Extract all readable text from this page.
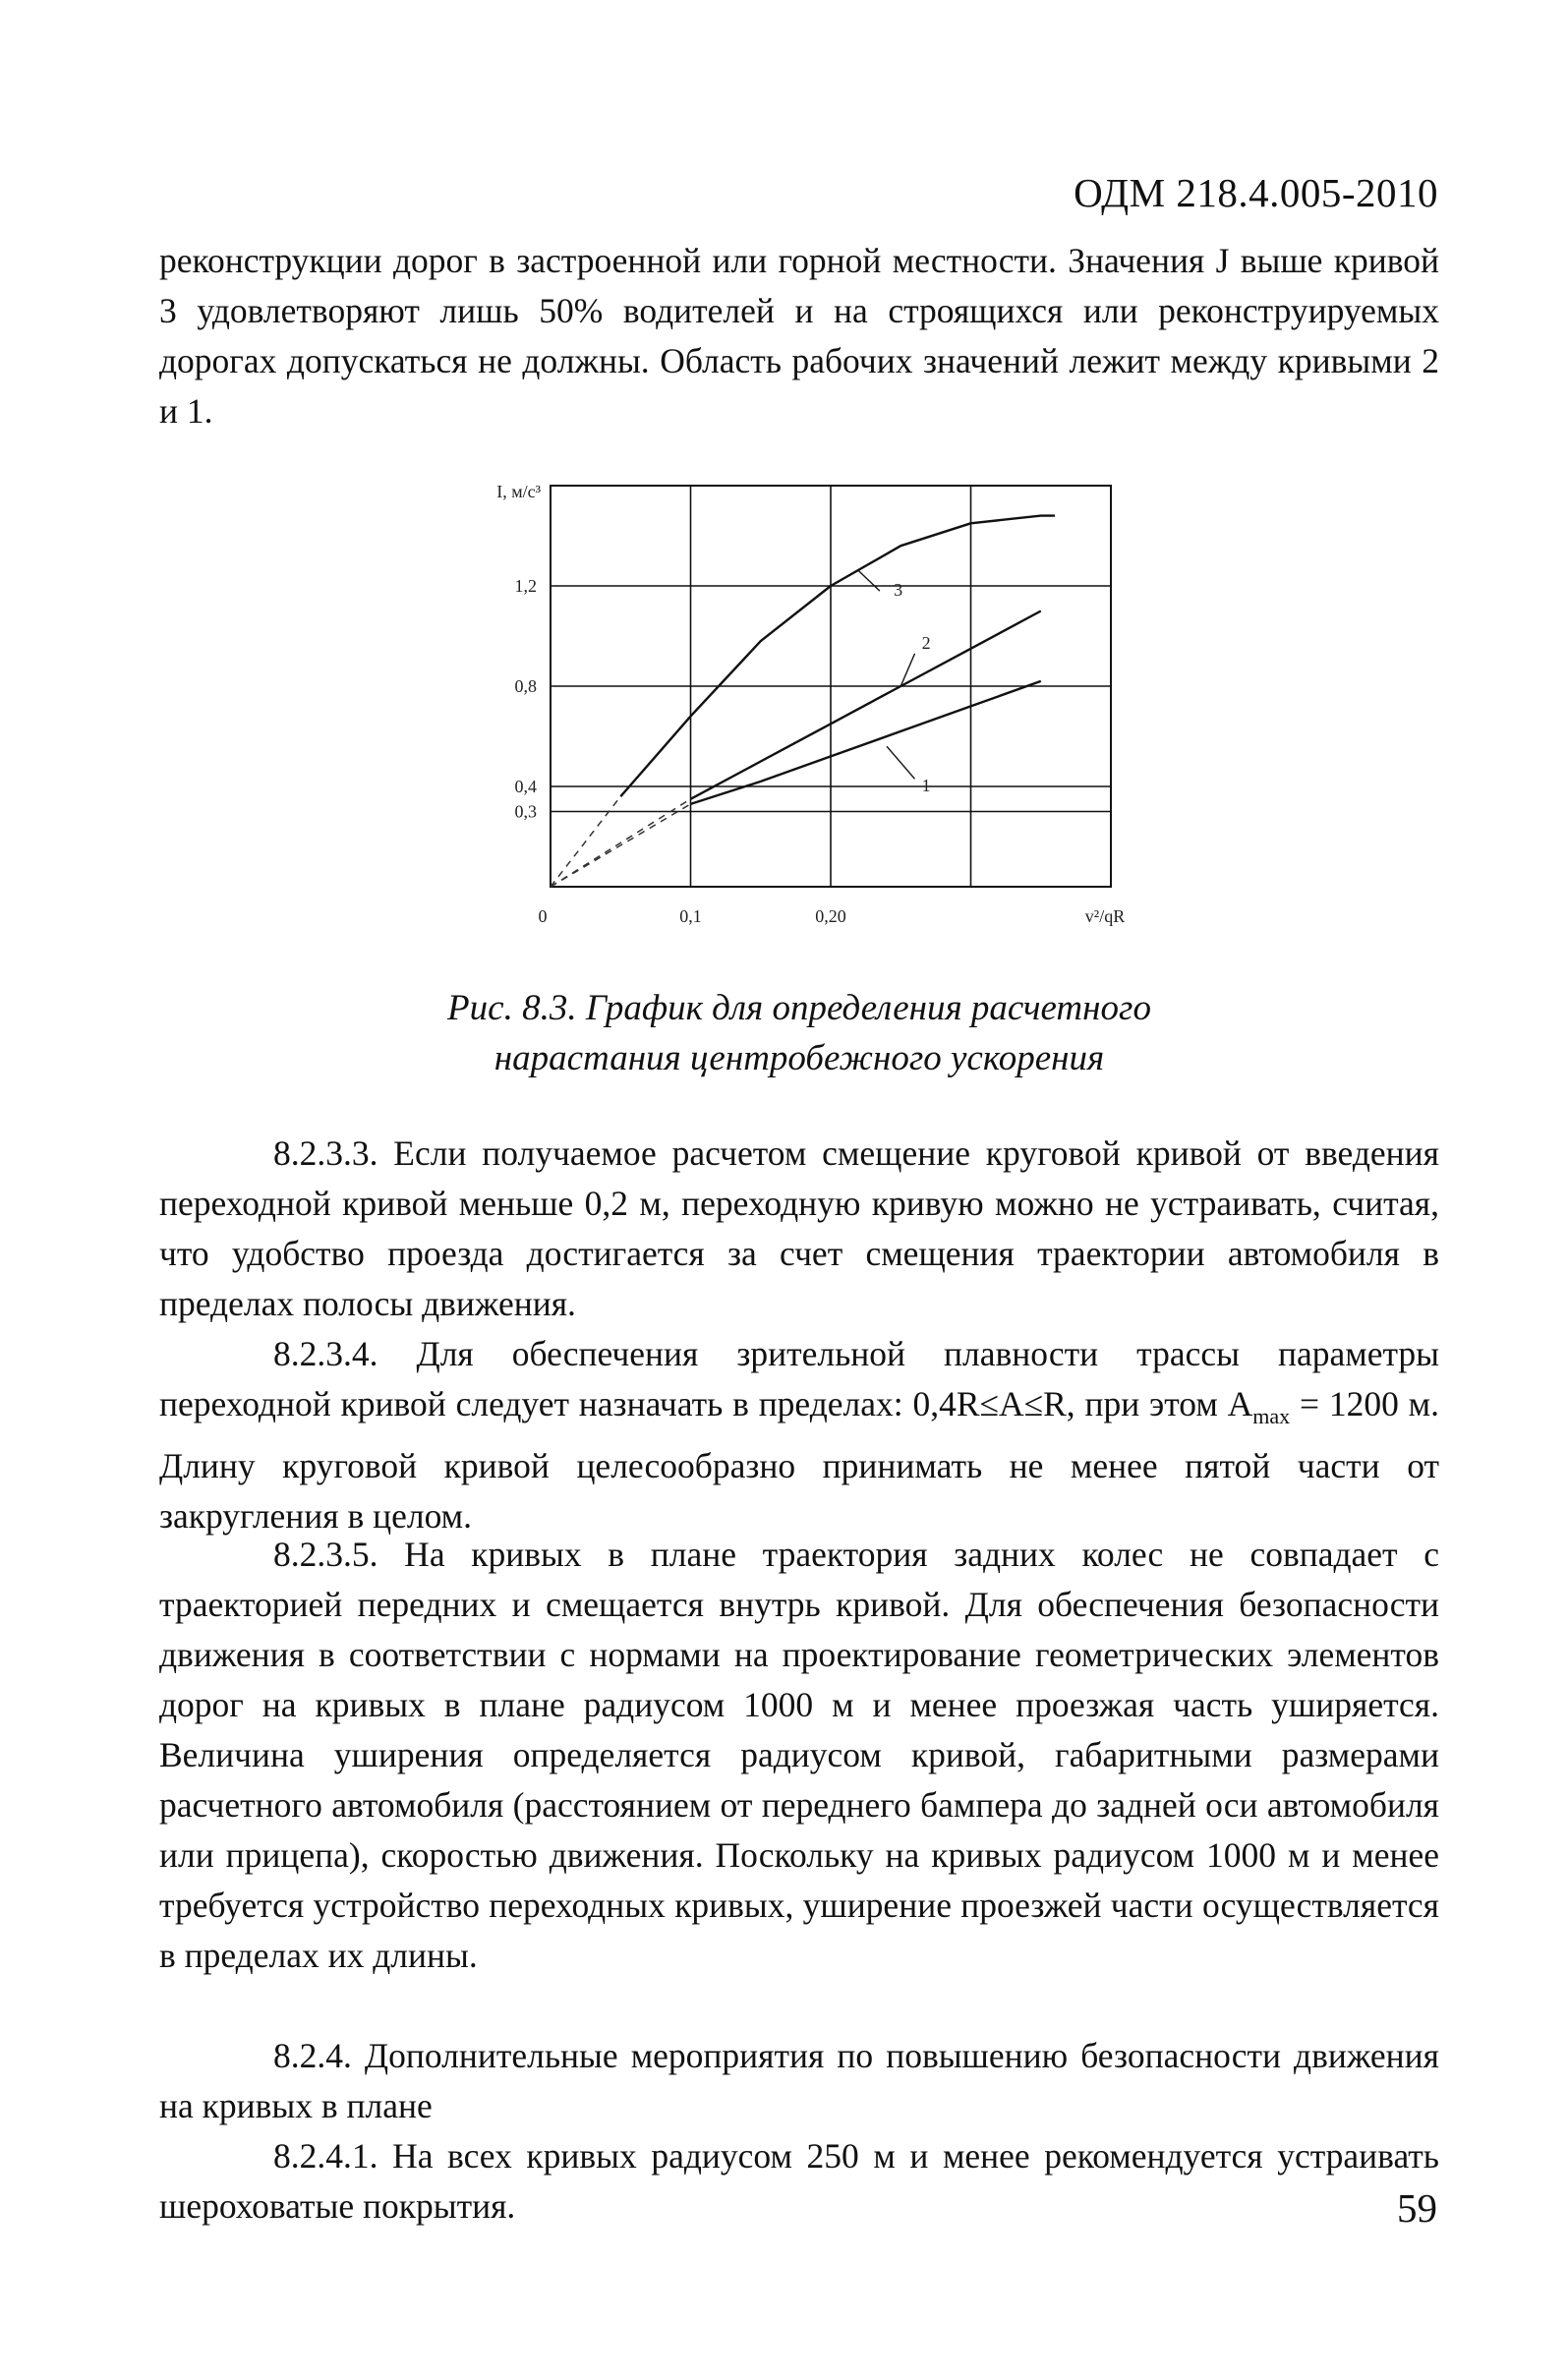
ОДМ 218.4.005-2010
реконструкции дорог в застроенной или горной местности. Значения J выше кривой 3 удовлетворяют лишь 50% водителей и на строящихся или реконструируемых дорогах допускаться не должны. Область рабочих значений лежит между кривыми 2 и 1.
1,2
0,8
0,4
0,3
I, м/с³
0	0,1	0,20	v²/qR
3
2
1
Рис. 8.3. График для определения расчетного
нарастания центробежного ускорения
8.2.3.3. Если получаемое расчетом смещение круговой кривой от введения переходной кривой меньше 0,2 м, переходную кривую можно не устраивать, считая, что удобство проезда достигается за счет смещения траектории автомобиля в пределах полосы движения.
8.2.3.4. Для обеспечения зрительной плавности трассы параметры переходной кривой следует назначать в пределах: 0,4R≤A≤R, при этом $A_{max} = 1200$ м. Длину круговой кривой целесообразно принимать не менее пятой части от закругления в целом.
8.2.3.5. На кривых в плане траектория задних колес не совпадает с траекторией передних и смещается внутрь кривой. Для обеспечения безопасности движения в соответствии с нормами на проектирование геометрических элементов дорог на кривых в плане радиусом 1000 м и менее проезжая часть уширяется. Величина уширения определяется радиусом кривой, габаритными размерами расчетного автомобиля (расстоянием от переднего бампера до задней оси автомобиля или прицепа), скоростью движения. Поскольку на кривых радиусом 1000 м и менее требуется устройство переходных кривых, уширение проезжей части осуществляется в пределах их длины.
8.2.4. Дополнительные мероприятия по повышению безопасности движения на кривых в плане
8.2.4.1. На всех кривых радиусом 250 м и менее рекомендуется устраивать шероховатые покрытия.	59
